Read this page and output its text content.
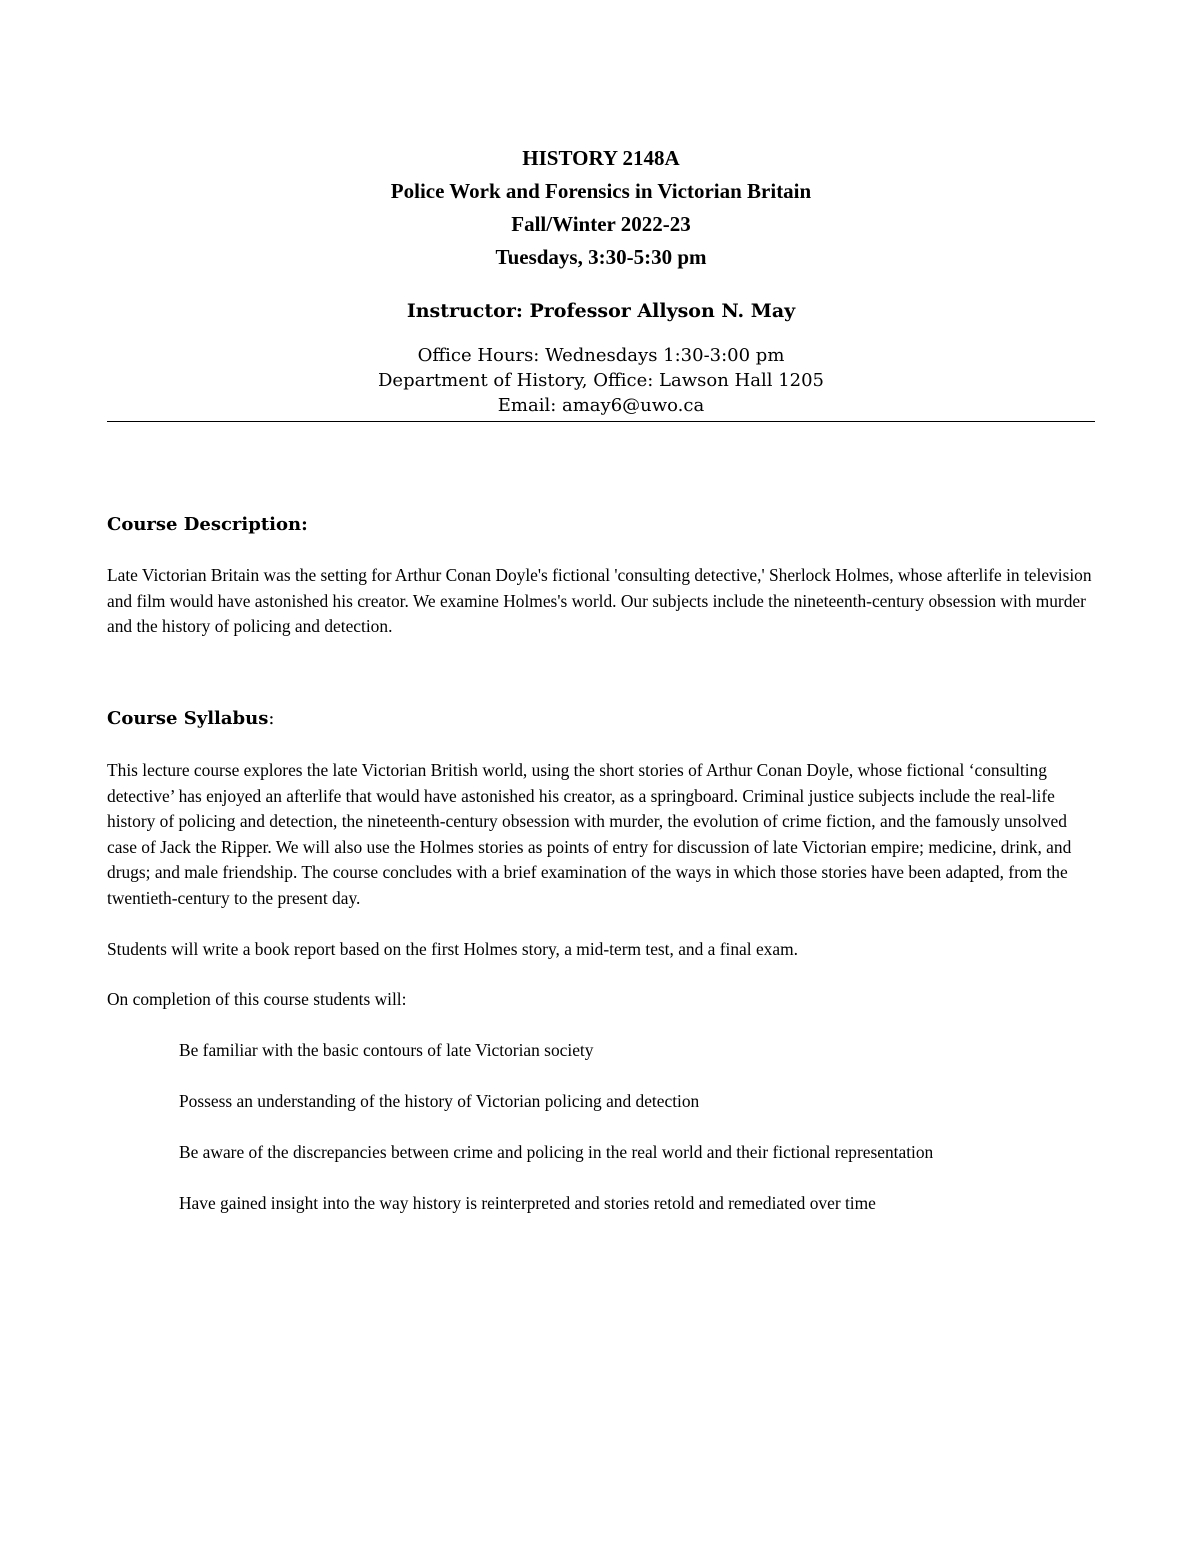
HISTORY 2148A

Police Work and Forensics in Victorian Britain

Fall/Winter 2022-23

Tuesdays, 3:30-5:30 pm

Instructor: Professor Allyson N. May

Office Hours: Wednesdays 1:30-3:00 pm

Department of History, Office: Lawson Hall 1205

Email: amay6@uwo.ca

Course Description:

Late Victorian Britain was the setting for Arthur Conan Doyle's fictional 'consulting detective,' Sherlock Holmes, whose afterlife in television and film would have astonished his creator. We examine Holmes's world. Our subjects include the nineteenth-century obsession with murder and the history of policing and detection.

Course Syllabus:

This lecture course explores the late Victorian British world, using the short stories of Arthur Conan Doyle, whose fictional ‘consulting detective’ has enjoyed an afterlife that would have astonished his creator, as a springboard. Criminal justice subjects include the real-life history of policing and detection, the nineteenth-century obsession with murder, the evolution of crime fiction, and the famously unsolved case of Jack the Ripper. We will also use the Holmes stories as points of entry for discussion of late Victorian empire; medicine, drink, and drugs; and male friendship. The course concludes with a brief examination of the ways in which those stories have been adapted, from the twentieth-century to the present day.

Students will write a book report based on the first Holmes story, a mid-term test, and a final exam.

On completion of this course students will:

Be familiar with the basic contours of late Victorian society
Possess an understanding of the history of Victorian policing and detection
Be aware of the discrepancies between crime and policing in the real world and their fictional representation
Have gained insight into the way history is reinterpreted and stories retold and remediated over time
